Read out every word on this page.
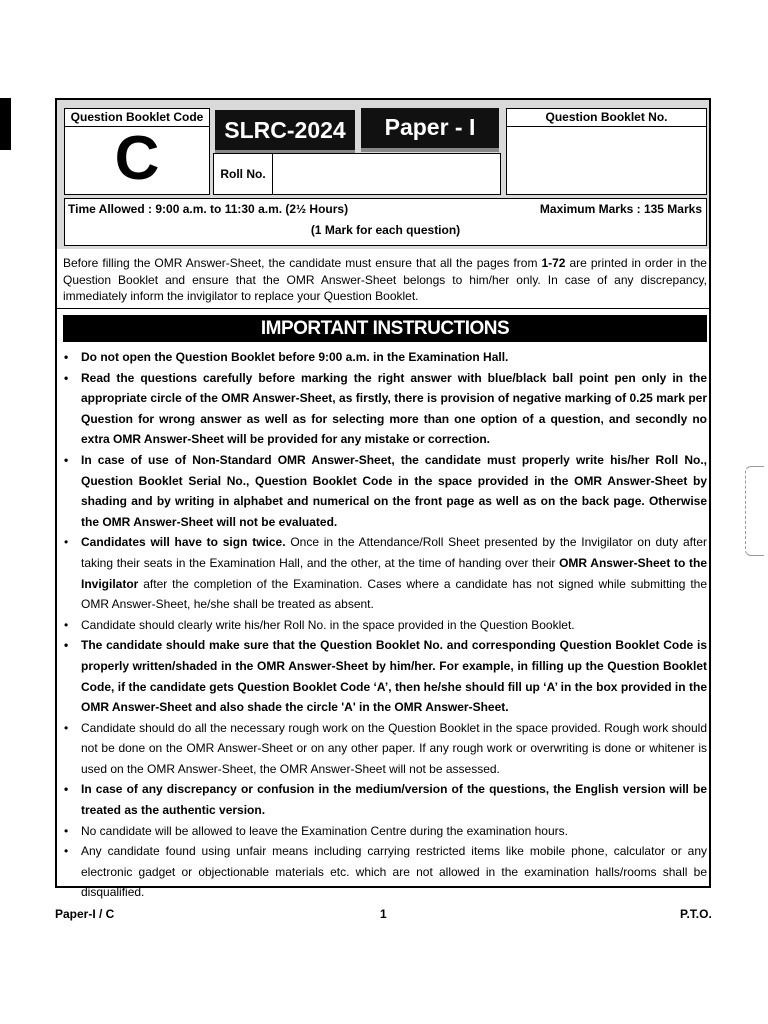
Question Booklet Code
C	SLRC-2024	Paper - I
Roll No.
Question Booklet No.
Time Allowed : 9:00 a.m. to 11:30 a.m. (2½ Hours)	Maximum Marks : 135 Marks
(1 Mark for each question)
Before filling the OMR Answer-Sheet, the candidate must ensure that all the pages from 1-72 are printed in order in the Question Booklet and ensure that the OMR Answer-Sheet belongs to him/her only. In case of any discrepancy, immediately inform the invigilator to replace your Question Booklet.
IMPORTANT INSTRUCTIONS
• Do not open the Question Booklet before 9:00 a.m. in the Examination Hall.
• Read the questions carefully before marking the right answer with blue/black ball point pen only in the appropriate circle of the OMR Answer-Sheet, as firstly, there is provision of negative marking of 0.25 mark per Question for wrong answer as well as for selecting more than one option of a question, and secondly no extra OMR Answer-Sheet will be provided for any mistake or correction.
• In case of use of Non-Standard OMR Answer-Sheet, the candidate must properly write his/her Roll No., Question Booklet Serial No., Question Booklet Code in the space provided in the OMR Answer-Sheet by shading and by writing in alphabet and numerical on the front page as well as on the back page. Otherwise the OMR Answer-Sheet will not be evaluated.
• Candidates will have to sign twice. Once in the Attendance/Roll Sheet presented by the Invigilator on duty after taking their seats in the Examination Hall, and the other, at the time of handing over their OMR Answer-Sheet to the Invigilator after the completion of the Examination. Cases where a candidate has not signed while submitting the OMR Answer-Sheet, he/she shall be treated as absent.
• Candidate should clearly write his/her Roll No. in the space provided in the Question Booklet.
• The candidate should make sure that the Question Booklet No. and corresponding Question Booklet Code is properly written/shaded in the OMR Answer-Sheet by him/her. For example, in filling up the Question Booklet Code, if the candidate gets Question Booklet Code ‘A’, then he/she should fill up ‘A’ in the box provided in the OMR Answer-Sheet and also shade the circle 'A' in the OMR Answer-Sheet.
• Candidate should do all the necessary rough work on the Question Booklet in the space provided. Rough work should not be done on the OMR Answer-Sheet or on any other paper. If any rough work or overwriting is done or whitener is used on the OMR Answer-Sheet, the OMR Answer-Sheet will not be assessed.
• In case of any discrepancy or confusion in the medium/version of the questions, the English version will be treated as the authentic version.
• No candidate will be allowed to leave the Examination Centre during the examination hours.
• Any candidate found using unfair means including carrying restricted items like mobile phone, calculator or any electronic gadget or objectionable materials etc. which are not allowed in the examination halls/rooms shall be disqualified.
Paper-I / C	1	P.T.O.
